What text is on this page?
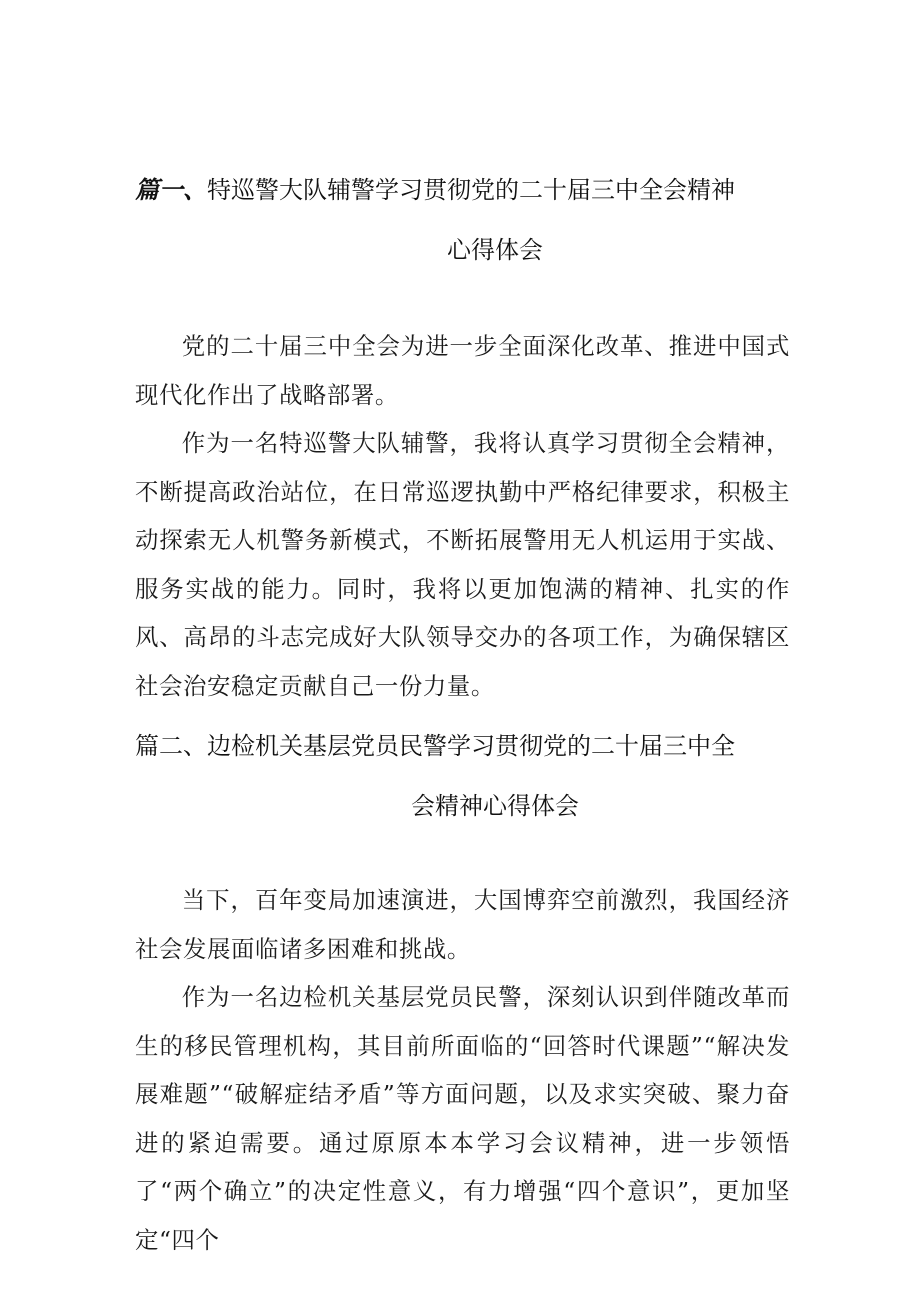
篇一、特巡警大队辅警学习贯彻党的二十届三中全会精神
心得体会

党的二十届三中全会为进一步全面深化改革、推进中国式现代化作出了战略部署。

作为一名特巡警大队辅警，我将认真学习贯彻全会精神，不断提高政治站位，在日常巡逻执勤中严格纪律要求，积极主动探索无人机警务新模式，不断拓展警用无人机运用于实战、服务实战的能力。同时，我将以更加饱满的精神、扎实的作风、高昂的斗志完成好大队领导交办的各项工作，为确保辖区社会治安稳定贡献自己一份力量。

篇二、边检机关基层党员民警学习贯彻党的二十届三中全
会精神心得体会

当下，百年变局加速演进，大国博弈空前激烈，我国经济社会发展面临诸多困难和挑战。

作为一名边检机关基层党员民警，深刻认识到伴随改革而生的移民管理机构，其目前所面临的“回答时代课题”“解决发展难题”“破解症结矛盾”等方面问题，以及求实突破、聚力奋进的紧迫需要。通过原原本本学习会议精神，进一步领悟了“两个确立”的决定性意义，有力增强“四个意识”，更加坚定“四个
